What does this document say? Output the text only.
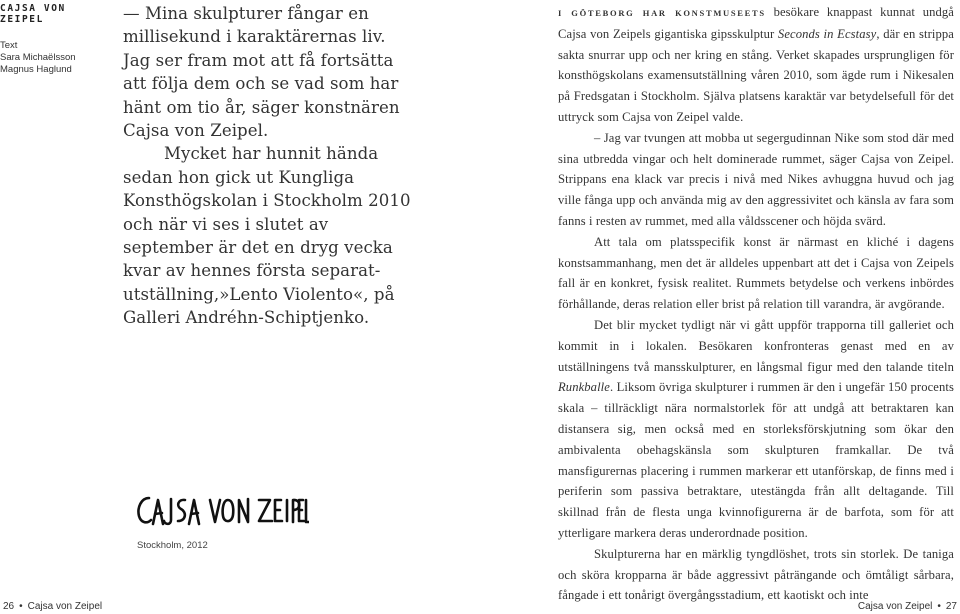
CAJSA VON ZEIPEL
Text
Sara Michaëlsson
Magnus Haglund

— Mina skulpturer fångar en millisekund i karaktärernas liv. Jag ser fram mot att få fortsätta att följa dem och se vad som har hänt om tio år, säger konstnären Cajsa von Zeipel.

Mycket har hunnit hända sedan hon gick ut Kungliga Konsthögskolan i Stockholm 2010 och när vi ses i slutet av september är det en dryg vecka kvar av hennes första separatutställning,»Lento Violento«, på Galleri Andréhn-Schiptjenko.

Stockholm, 2012

I GÖTEBORG HAR KONSTMUSEETS besökare knappast kunnat undgå Cajsa von Zeipels gigantiska gipsskulptur Seconds in Ecstasy, där en strippa sakta snurrar upp och ner kring en stång. Verket skapades ursprungligen för konsthögskolans examensutställning våren 2010, som ägde rum i Nikesalen på Fredsgatan i Stockholm. Själva platsens karaktär var betydelsefull för det uttryck som Cajsa von Zeipel valde.

– Jag var tvungen att mobba ut segergudinnan Nike som stod där med sina utbredda vingar och helt dominerade rummet, säger Cajsa von Zeipel. Strippans ena klack var precis i nivå med Nikes avhuggna huvud och jag ville fånga upp och använda mig av den aggressivitet och känsla av fara som fanns i resten av rummet, med alla våldsscener och höjda svärd.

Att tala om platsspecifik konst är närmast en kliché i dagens konstsammanhang, men det är alldeles uppenbart att det i Cajsa von Zeipels fall är en konkret, fysisk realitet. Rummets betydelse och verkens inbördes förhållande, deras relation eller brist på relation till varandra, är avgörande.

Det blir mycket tydligt när vi gått uppför trapporna till galleriet och kommit in i lokalen. Besökaren konfronteras genast med en av utställningens två mansskulpturer, en långsmal figur med den talande titeln Runkballe. Liksom övriga skulpturer i rummen är den i ungefär 150 procents skala – tillräckligt nära normalstorlek för att undgå att betraktaren kan distansera sig, men också med en storleksförskjutning som ökar den ambivalenta obehagskänsla som skulpturen framkallar. De två mansfigurernas placering i rummen markerar ett utanförskap, de finns med i periferin som passiva betraktare, utestängda från allt deltagande. Till skillnad från de flesta unga kvinnofigurerna är de barfota, som för att ytterligare markera deras underordnade position.

Skulpturerna har en märklig tyngdlöshet, trots sin storlek. De taniga och sköra kropparna är både aggressivt påträngande och ömtåligt sårbara, fångade i ett tonårigt övergångsstadium, ett kaotiskt och inte

26 • Cajsa von Zeipel	Cajsa von Zeipel • 27
